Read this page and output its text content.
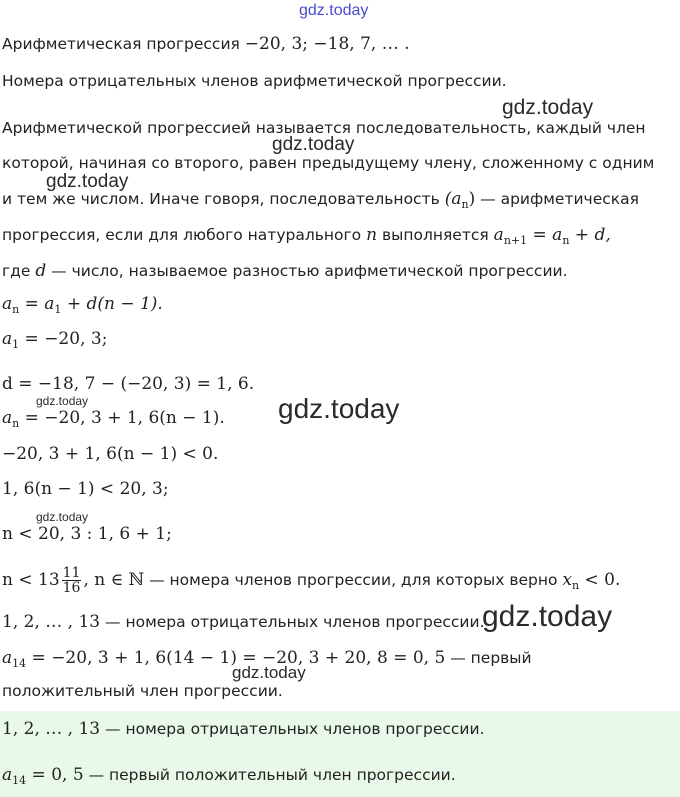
gdz.today
gdz.today
gdz.today
gdz.today
gdz.today	gdz.today
gdz.today
gdz.today
gdz.today
Арифметическая прогрессия −20, 3; −18, 7, … .
Номера отрицательных членов арифметической прогрессии.
Арифметической прогрессией называется последовательность, каждый член
которой, начиная со второго, равен предыдущему члену, сложенному с одним
и тем же числом. Иначе говоря, последовательность $(a_n)$ — арифметическая
прогрессия, если для любого натурального n выполняется $a_{n+1} = a_n + d$,
где d — число, называемое разностью арифметической прогрессии.
$a_n = a_1 + d(n - 1)$.
$a_1 = -20$, 3;
d = −18, 7 − (−20, 3) = 1, 6.
$a_n = -20$, 3 + 1, 6(n − 1).
−20, 3 + 1, 6(n − 1) < 0.
1, 6(n − 1) < 20, 3;
n < 20, 3 : 1, 6 + 1;
$n < 13 \frac{11}{16}$ , n ∈ ℕ — номера членов прогрессии, для которых верно $x_n < 0$.
1, 2, … , 13 — номера отрицательных членов прогрессии.
$a_{14} = -20$, 3 + 1, 6(14 − 1) = −20, 3 + 20, 8 = 0, 5 — первый
положительный член прогрессии.
1, 2, … , 13 — номера отрицательных членов прогрессии.
$a_{14} = 0$, 5 — первый положительный член прогрессии.
